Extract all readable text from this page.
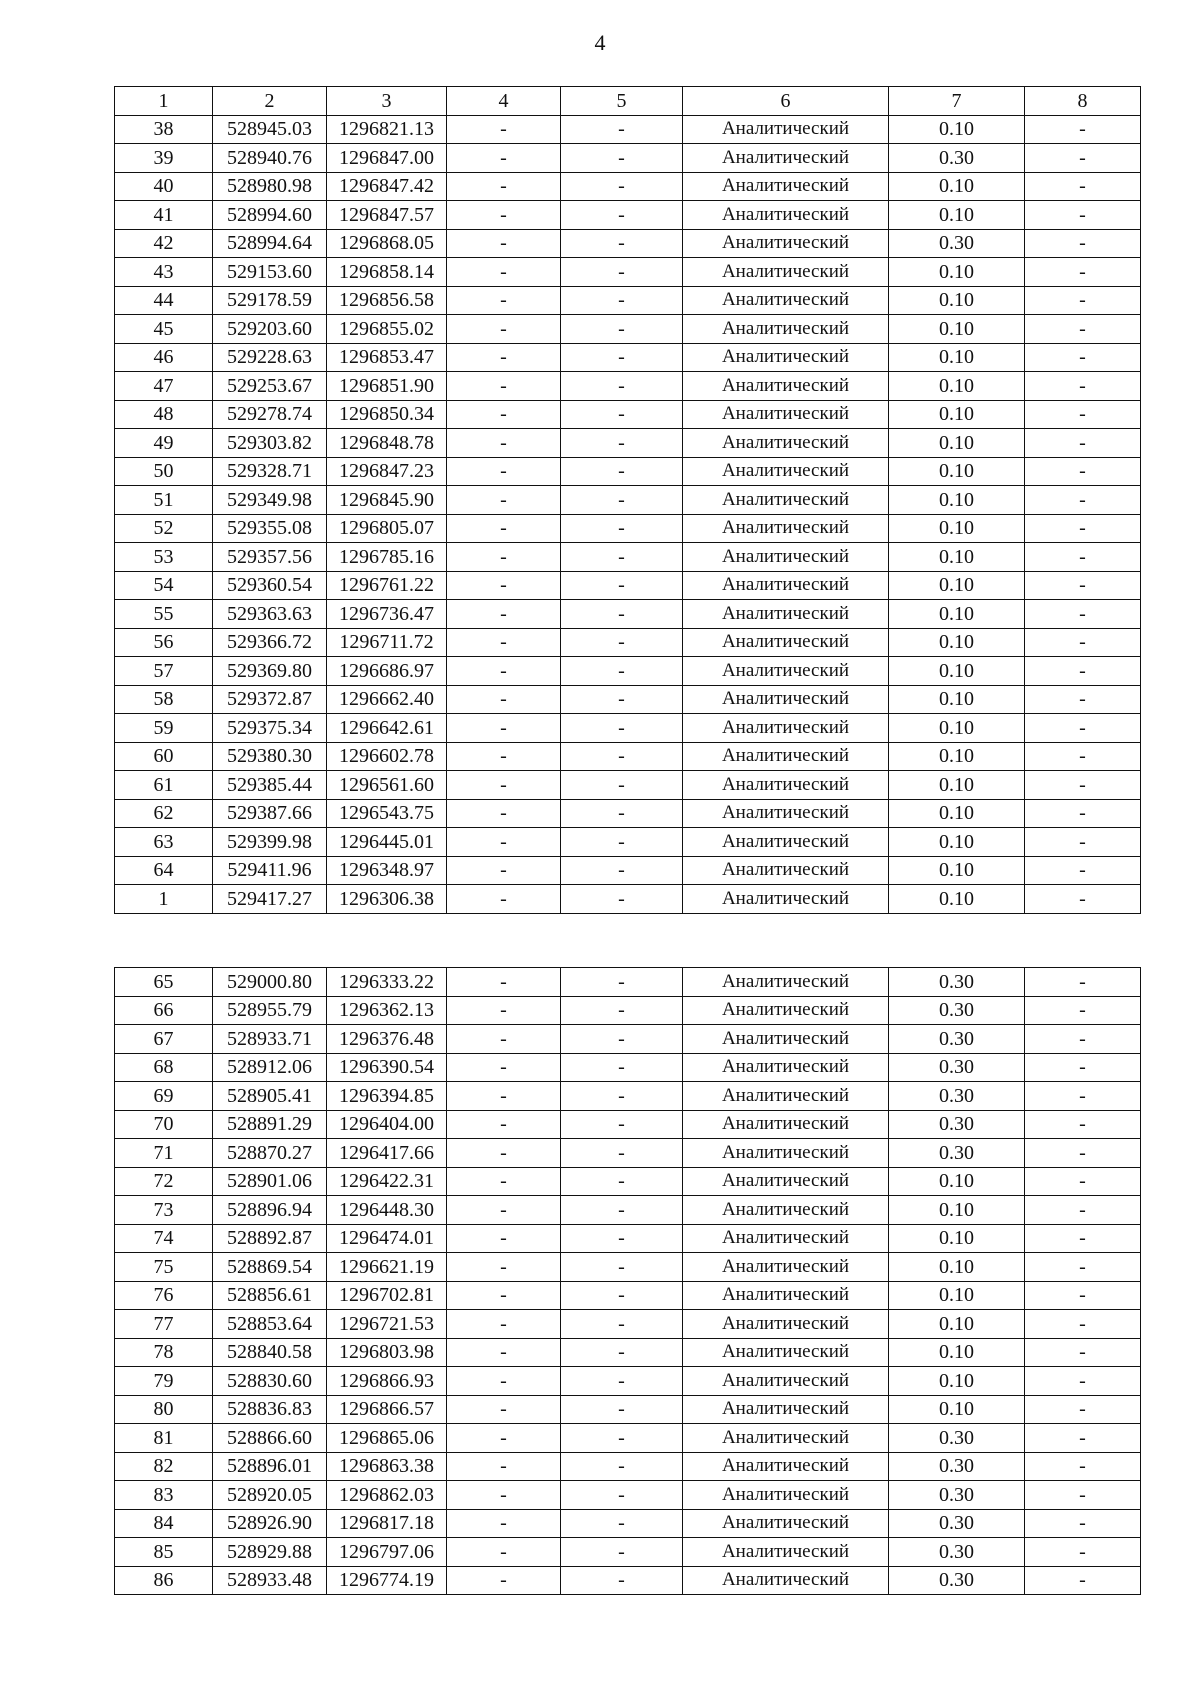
4
1	2	3	4	5	6	7	8
38	528945.03	1296821.13	-	-	Аналитический	0.10	-
39	528940.76	1296847.00	-	-	Аналитический	0.30	-
40	528980.98	1296847.42	-	-	Аналитический	0.10	-
41	528994.60	1296847.57	-	-	Аналитический	0.10	-
42	528994.64	1296868.05	-	-	Аналитический	0.30	-
43	529153.60	1296858.14	-	-	Аналитический	0.10	-
44	529178.59	1296856.58	-	-	Аналитический	0.10	-
45	529203.60	1296855.02	-	-	Аналитический	0.10	-
46	529228.63	1296853.47	-	-	Аналитический	0.10	-
47	529253.67	1296851.90	-	-	Аналитический	0.10	-
48	529278.74	1296850.34	-	-	Аналитический	0.10	-
49	529303.82	1296848.78	-	-	Аналитический	0.10	-
50	529328.71	1296847.23	-	-	Аналитический	0.10	-
51	529349.98	1296845.90	-	-	Аналитический	0.10	-
52	529355.08	1296805.07	-	-	Аналитический	0.10	-
53	529357.56	1296785.16	-	-	Аналитический	0.10	-
54	529360.54	1296761.22	-	-	Аналитический	0.10	-
55	529363.63	1296736.47	-	-	Аналитический	0.10	-
56	529366.72	1296711.72	-	-	Аналитический	0.10	-
57	529369.80	1296686.97	-	-	Аналитический	0.10	-
58	529372.87	1296662.40	-	-	Аналитический	0.10	-
59	529375.34	1296642.61	-	-	Аналитический	0.10	-
60	529380.30	1296602.78	-	-	Аналитический	0.10	-
61	529385.44	1296561.60	-	-	Аналитический	0.10	-
62	529387.66	1296543.75	-	-	Аналитический	0.10	-
63	529399.98	1296445.01	-	-	Аналитический	0.10	-
64	529411.96	1296348.97	-	-	Аналитический	0.10	-
1	529417.27	1296306.38	-	-	Аналитический	0.10	-
65	529000.80	1296333.22	-	-	Аналитический	0.30	-
66	528955.79	1296362.13	-	-	Аналитический	0.30	-
67	528933.71	1296376.48	-	-	Аналитический	0.30	-
68	528912.06	1296390.54	-	-	Аналитический	0.30	-
69	528905.41	1296394.85	-	-	Аналитический	0.30	-
70	528891.29	1296404.00	-	-	Аналитический	0.30	-
71	528870.27	1296417.66	-	-	Аналитический	0.30	-
72	528901.06	1296422.31	-	-	Аналитический	0.10	-
73	528896.94	1296448.30	-	-	Аналитический	0.10	-
74	528892.87	1296474.01	-	-	Аналитический	0.10	-
75	528869.54	1296621.19	-	-	Аналитический	0.10	-
76	528856.61	1296702.81	-	-	Аналитический	0.10	-
77	528853.64	1296721.53	-	-	Аналитический	0.10	-
78	528840.58	1296803.98	-	-	Аналитический	0.10	-
79	528830.60	1296866.93	-	-	Аналитический	0.10	-
80	528836.83	1296866.57	-	-	Аналитический	0.10	-
81	528866.60	1296865.06	-	-	Аналитический	0.30	-
82	528896.01	1296863.38	-	-	Аналитический	0.30	-
83	528920.05	1296862.03	-	-	Аналитический	0.30	-
84	528926.90	1296817.18	-	-	Аналитический	0.30	-
85	528929.88	1296797.06	-	-	Аналитический	0.30	-
86	528933.48	1296774.19	-	-	Аналитический	0.30	-
